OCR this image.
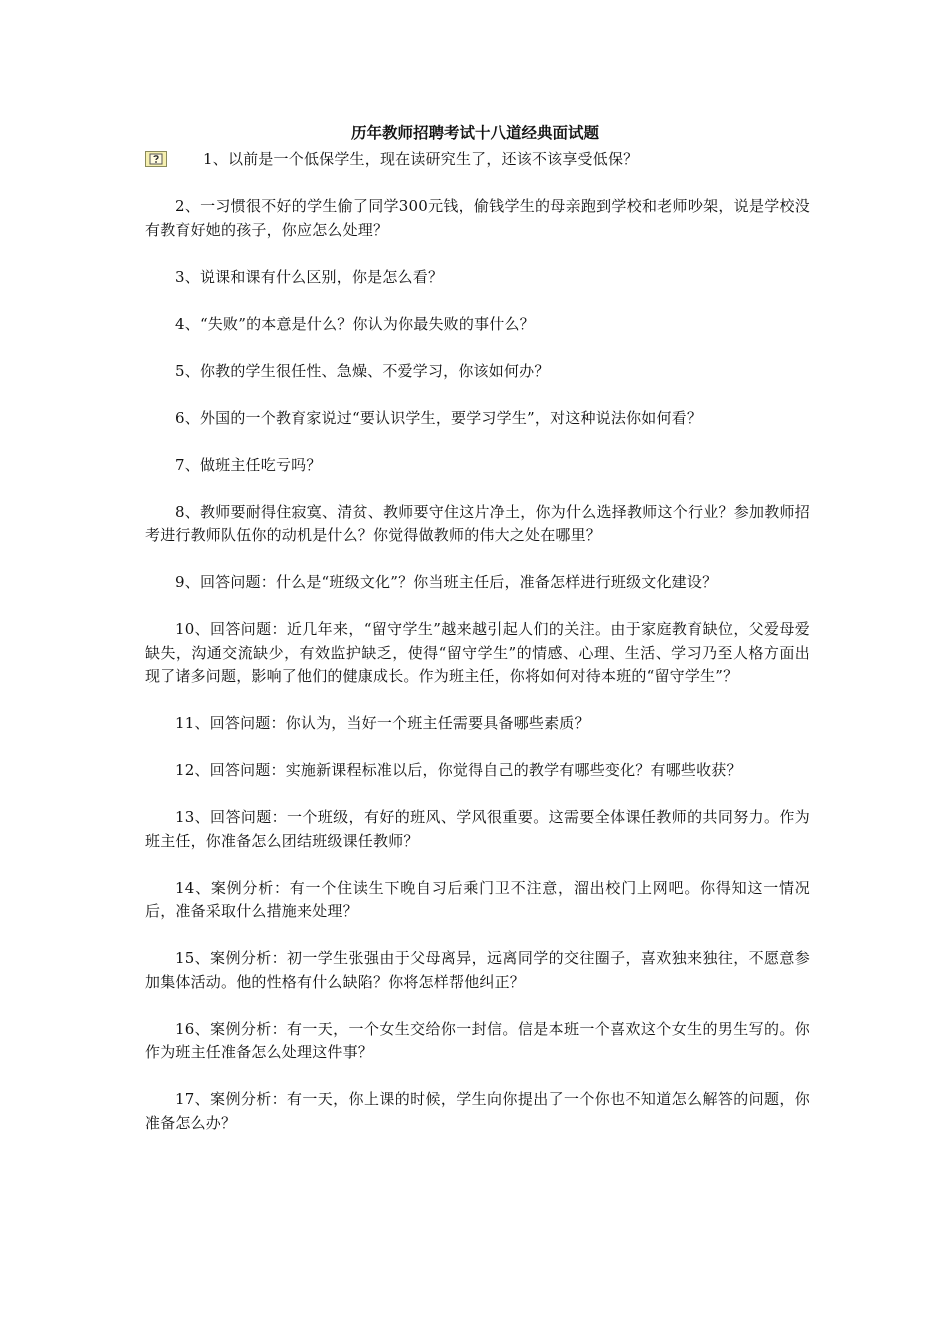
历年教师招聘考试十八道经典面试题

1、以前是一个低保学生，现在读研究生了，还该不该享受低保？

2、一习惯很不好的学生偷了同学300元钱，偷钱学生的母亲跑到学校和老师吵架，说是学校没有教育好她的孩子，你应怎么处理？

3、说课和课有什么区别，你是怎么看？

4、“失败”的本意是什么？你认为你最失败的事什么？

5、你教的学生很任性、急燥、不爱学习，你该如何办？

6、外国的一个教育家说过“要认识学生，要学习学生”，对这种说法你如何看？

7、做班主任吃亏吗？

8、教师要耐得住寂寞、清贫、教师要守住这片净土，你为什么选择教师这个行业？参加教师招考进行教师队伍你的动机是什么？你觉得做教师的伟大之处在哪里？

9、回答问题：什么是“班级文化”？你当班主任后，准备怎样进行班级文化建设？

10、回答问题：近几年来，“留守学生”越来越引起人们的关注。由于家庭教育缺位，父爱母爱缺失，沟通交流缺少，有效监护缺乏，使得“留守学生”的情感、心理、生活、学习乃至人格方面出现了诸多问题，影响了他们的健康成长。作为班主任，你将如何对待本班的“留守学生”？

11、回答问题：你认为，当好一个班主任需要具备哪些素质？

12、回答问题：实施新课程标准以后，你觉得自己的教学有哪些变化？有哪些收获？

13、回答问题：一个班级，有好的班风、学风很重要。这需要全体课任教师的共同努力。作为班主任，你准备怎么团结班级课任教师？

14、案例分析：有一个住读生下晚自习后乘门卫不注意，溜出校门上网吧。你得知这一情况后，准备采取什么措施来处理？

15、案例分析：初一学生张强由于父母离异，远离同学的交往圈子，喜欢独来独往，不愿意参加集体活动。他的性格有什么缺陷？你将怎样帮他纠正？

16、案例分析：有一天，一个女生交给你一封信。信是本班一个喜欢这个女生的男生写的。你作为班主任准备怎么处理这件事？

17、案例分析：有一天，你上课的时候，学生向你提出了一个你也不知道怎么解答的问题，你准备怎么办？
